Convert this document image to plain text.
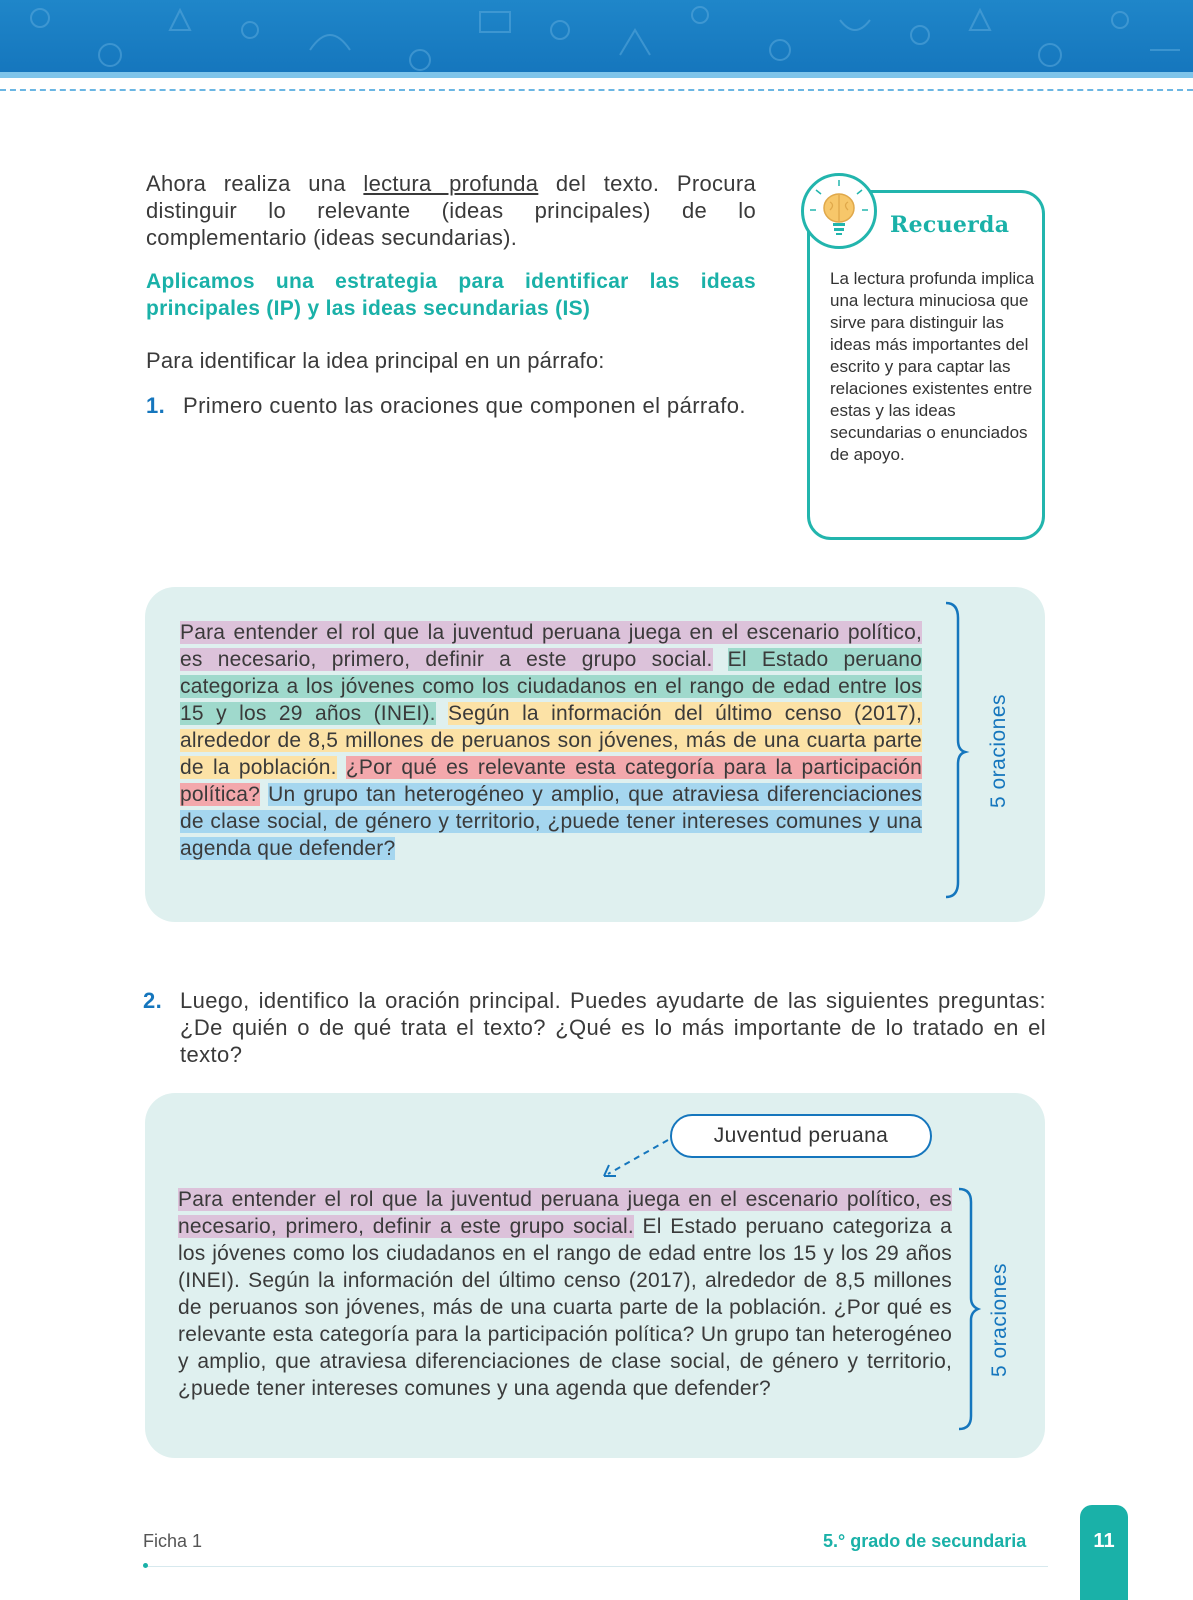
Ahora realiza una lectura profunda del texto. Procura distinguir lo relevante (ideas principales) de lo complementario (ideas secundarias).
Aplicamos una estrategia para identificar las ideas principales (IP) y las ideas secundarias (IS)
Para identificar la idea principal en un párrafo:
1. Primero cuento las oraciones que componen el párrafo.
Recuerda
La lectura profunda implica una lectura minuciosa que sirve para distinguir las ideas más importantes del escrito y para captar las relaciones existentes entre estas y las ideas secundarias o enunciados de apoyo.
Para entender el rol que la juventud peruana juega en el escenario político, es necesario, primero, definir a este grupo social. El Estado peruano categoriza a los jóvenes como los ciudadanos en el rango de edad entre los 15 y los 29 años (INEI). Según la información del último censo (2017), alrededor de 8,5 millones de peruanos son jóvenes, más de una cuarta parte de la población. ¿Por qué es relevante esta categoría para la participación política? Un grupo tan heterogéneo y amplio, que atraviesa diferenciaciones de clase social, de género y territorio, ¿puede tener intereses comunes y una agenda que defender?
5 oraciones
2. Luego, identifico la oración principal. Puedes ayudarte de las siguientes preguntas: ¿De quién o de qué trata el texto? ¿Qué es lo más importante de lo tratado en el texto?
Juventud peruana
Para entender el rol que la juventud peruana juega en el escenario político, es necesario, primero, definir a este grupo social. El Estado peruano categoriza a los jóvenes como los ciudadanos en el rango de edad entre los 15 y los 29 años (INEI). Según la información del último censo (2017), alrededor de 8,5 millones de peruanos son jóvenes, más de una cuarta parte de la población. ¿Por qué es relevante esta categoría para la participación política? Un grupo tan heterogéneo y amplio, que atraviesa diferenciaciones de clase social, de género y territorio, ¿puede tener intereses comunes y una agenda que defender?
5 oraciones
Ficha 1	5.° grado de secundaria	11
